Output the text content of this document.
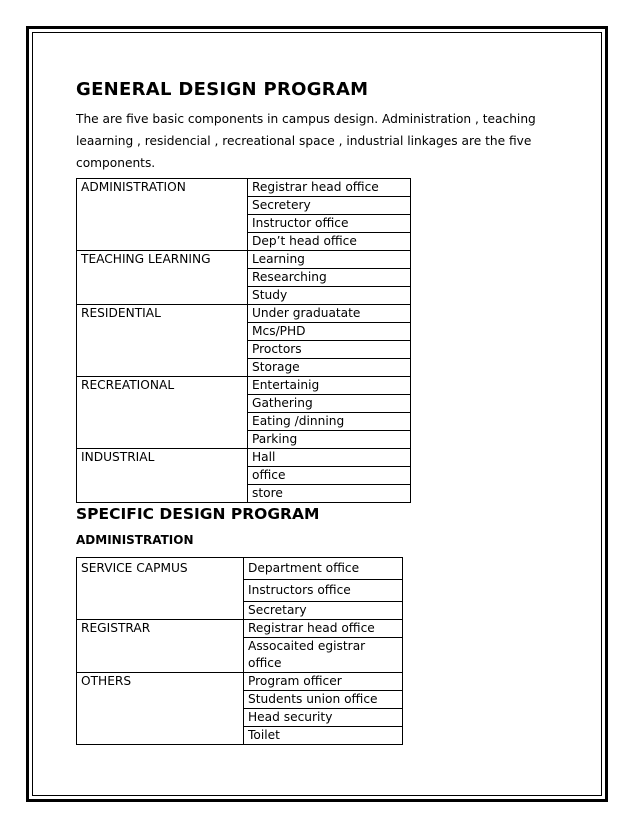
GENERAL DESIGN PROGRAM

The are five basic components in campus design. Administration , teaching leaarning , residencial , recreational space , industrial linkages are the five components.

ADMINISTRATION	Registrar head office
	Secretery
	Instructor office
	Dep’t head office
TEACHING LEARNING	Learning
	Researching
	Study
RESIDENTIAL	Under graduatate
	Mcs/PHD
	Proctors
	Storage
RECREATIONAL	Entertainig
	Gathering
	Eating /dinning
	Parking
INDUSTRIAL	Hall
	office
	store
SPECIFIC DESIGN PROGRAM
ADMINISTRATION
SERVICE CAPMUS	Department office
	Instructors office
	Secretary
REGISTRAR	Registrar head office
	Assocaited egistrar office
OTHERS	Program officer
	Students union office
	Head security
	Toilet
